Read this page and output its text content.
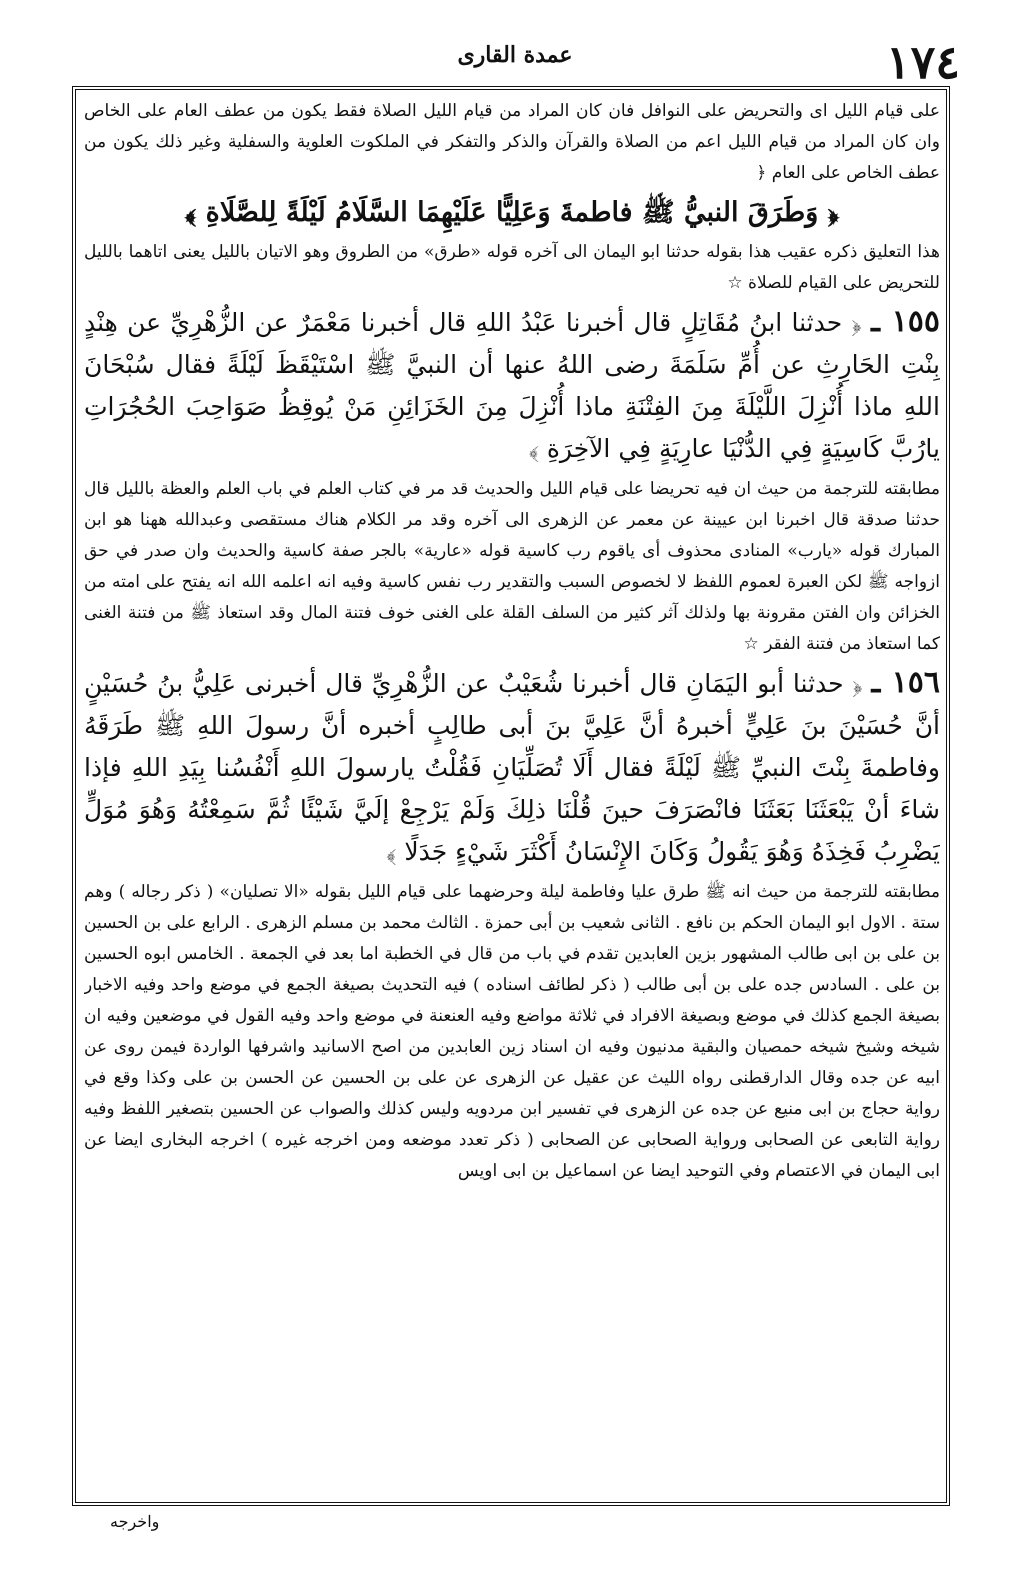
١٧٤
عمدة القارى

على قيام الليل اى والتحريض على النوافل فان كان المراد من قيام الليل الصلاة فقط يكون من عطف العام على الخاص وان كان المراد من قيام الليل اعم من الصلاة والقرآن والذكر والتفكر في الملكوت العلوية والسفلية وغير ذلك يكون من عطف الخاص على العام ﴿

﴿ وَطَرَقَ النبيُّ ﷺ فاطمةَ وَعَلِيًّا عَلَيْهِمَا السَّلَامُ لَيْلَةً لِلصَّلَاةِ ﴾

هذا التعليق ذكره عقيب هذا بقوله حدثنا ابو اليمان الى آخره قوله «طرق» من الطروق وهو الاتيان بالليل يعنى اتاهما بالليل للتحريض على القيام للصلاة ☆

١٥٥ ـ ﴿ حدثنا ابنُ مُقَاتِلٍ قال أخبرنا عَبْدُ اللهِ قال أخبرنا مَعْمَرٌ عن الزُّهْرِيِّ عن هِنْدٍ بِنْتِ الحَارِثِ عن أُمِّ سَلَمَةَ رضى اللهُ عنها أن النبيَّ ﷺ اسْتَيْقَظَ لَيْلَةً فقال سُبْحَانَ اللهِ ماذا أُنْزِلَ اللَّيْلَةَ مِنَ الفِتْنَةِ ماذا أُنْزِلَ مِنَ الخَزَائِنِ مَنْ يُوقِظُ صَوَاحِبَ الحُجُرَاتِ يارُبَّ كَاسِيَةٍ فِي الدُّنْيَا عارِيَةٍ فِي الآخِرَةِ ﴾

مطابقته للترجمة من حيث ان فيه تحريضا على قيام الليل والحديث قد مر في كتاب العلم في باب العلم والعظة بالليل قال حدثنا صدقة قال اخبرنا ابن عيينة عن معمر عن الزهرى الى آخره وقد مر الكلام هناك مستقصى وعبدالله ههنا هو ابن المبارك قوله «يارب» المنادى محذوف أى ياقوم رب كاسية قوله «عارية» بالجر صفة كاسية والحديث وان صدر في حق ازواجه ﷺ لكن العبرة لعموم اللفظ لا لخصوص السبب والتقدير رب نفس كاسية وفيه انه اعلمه الله انه يفتح على امته من الخزائن وان الفتن مقرونة بها ولذلك آثر كثير من السلف القلة على الغنى خوف فتنة المال وقد استعاذ ﷺ من فتنة الغنى كما استعاذ من فتنة الفقر ☆

١٥٦ ـ ﴿ حدثنا أبو اليَمَانِ قال أخبرنا شُعَيْبٌ عن الزُّهْرِيِّ قال أخبرنى عَلِيُّ بنُ حُسَيْنٍ أنَّ حُسَيْنَ بنَ عَلِيٍّ أخبرهُ أنَّ عَلِيَّ بنَ أبى طالِبٍ أخبره أنَّ رسولَ اللهِ ﷺ طَرَقَهُ وفاطمةَ بِنْتَ النبيِّ ﷺ لَيْلَةً فقال أَلَا تُصَلِّيَانِ فَقُلْتُ يارسولَ اللهِ أَنْفُسُنا بِيَدِ اللهِ فإذا شاءَ أنْ يَبْعَثَنَا بَعَثَنَا فانْصَرَفَ حينَ قُلْنَا ذلِكَ وَلَمْ يَرْجِعْ إلَيَّ شَيْئًا ثُمَّ سَمِعْتُهُ وَهُوَ مُوَلٍّ يَضْرِبُ فَخِذَهُ وَهُوَ يَقُولُ وَكَانَ الإِنْسَانُ أَكْثَرَ شَيْءٍ جَدَلًا ﴾

مطابقته للترجمة من حيث انه ﷺ طرق عليا وفاطمة ليلة وحرضهما على قيام الليل بقوله «الا تصليان» ( ذكر رجاله ) وهم ستة . الاول ابو اليمان الحكم بن نافع . الثانى شعيب بن أبى حمزة . الثالث محمد بن مسلم الزهرى . الرابع على بن الحسين بن على بن ابى طالب المشهور بزين العابدين تقدم في باب من قال في الخطبة اما بعد في الجمعة . الخامس ابوه الحسين بن على . السادس جده على بن أبى طالب ( ذكر لطائف اسناده ) فيه التحديث بصيغة الجمع في موضع واحد وفيه الاخبار بصيغة الجمع كذلك في موضع وبصيغة الافراد في ثلاثة مواضع وفيه العنعنة في موضع واحد وفيه القول في موضعين وفيه ان شيخه وشيخ شيخه حمصيان والبقية مدنيون وفيه ان اسناد زين العابدين من اصح الاسانيد واشرفها الواردة فيمن روى عن ابيه عن جده وقال الدارقطنى رواه الليث عن عقيل عن الزهرى عن على بن الحسين عن الحسن بن على وكذا وقع في رواية حجاج بن ابى منيع عن جده عن الزهرى في تفسير ابن مردويه وليس كذلك والصواب عن الحسين بتصغير اللفظ وفيه رواية التابعى عن الصحابى ورواية الصحابى عن الصحابى ( ذكر تعدد موضعه ومن اخرجه غيره ) اخرجه البخارى ايضا عن ابى اليمان في الاعتصام وفي التوحيد ايضا عن اسماعيل بن ابى اويس

واخرجه
